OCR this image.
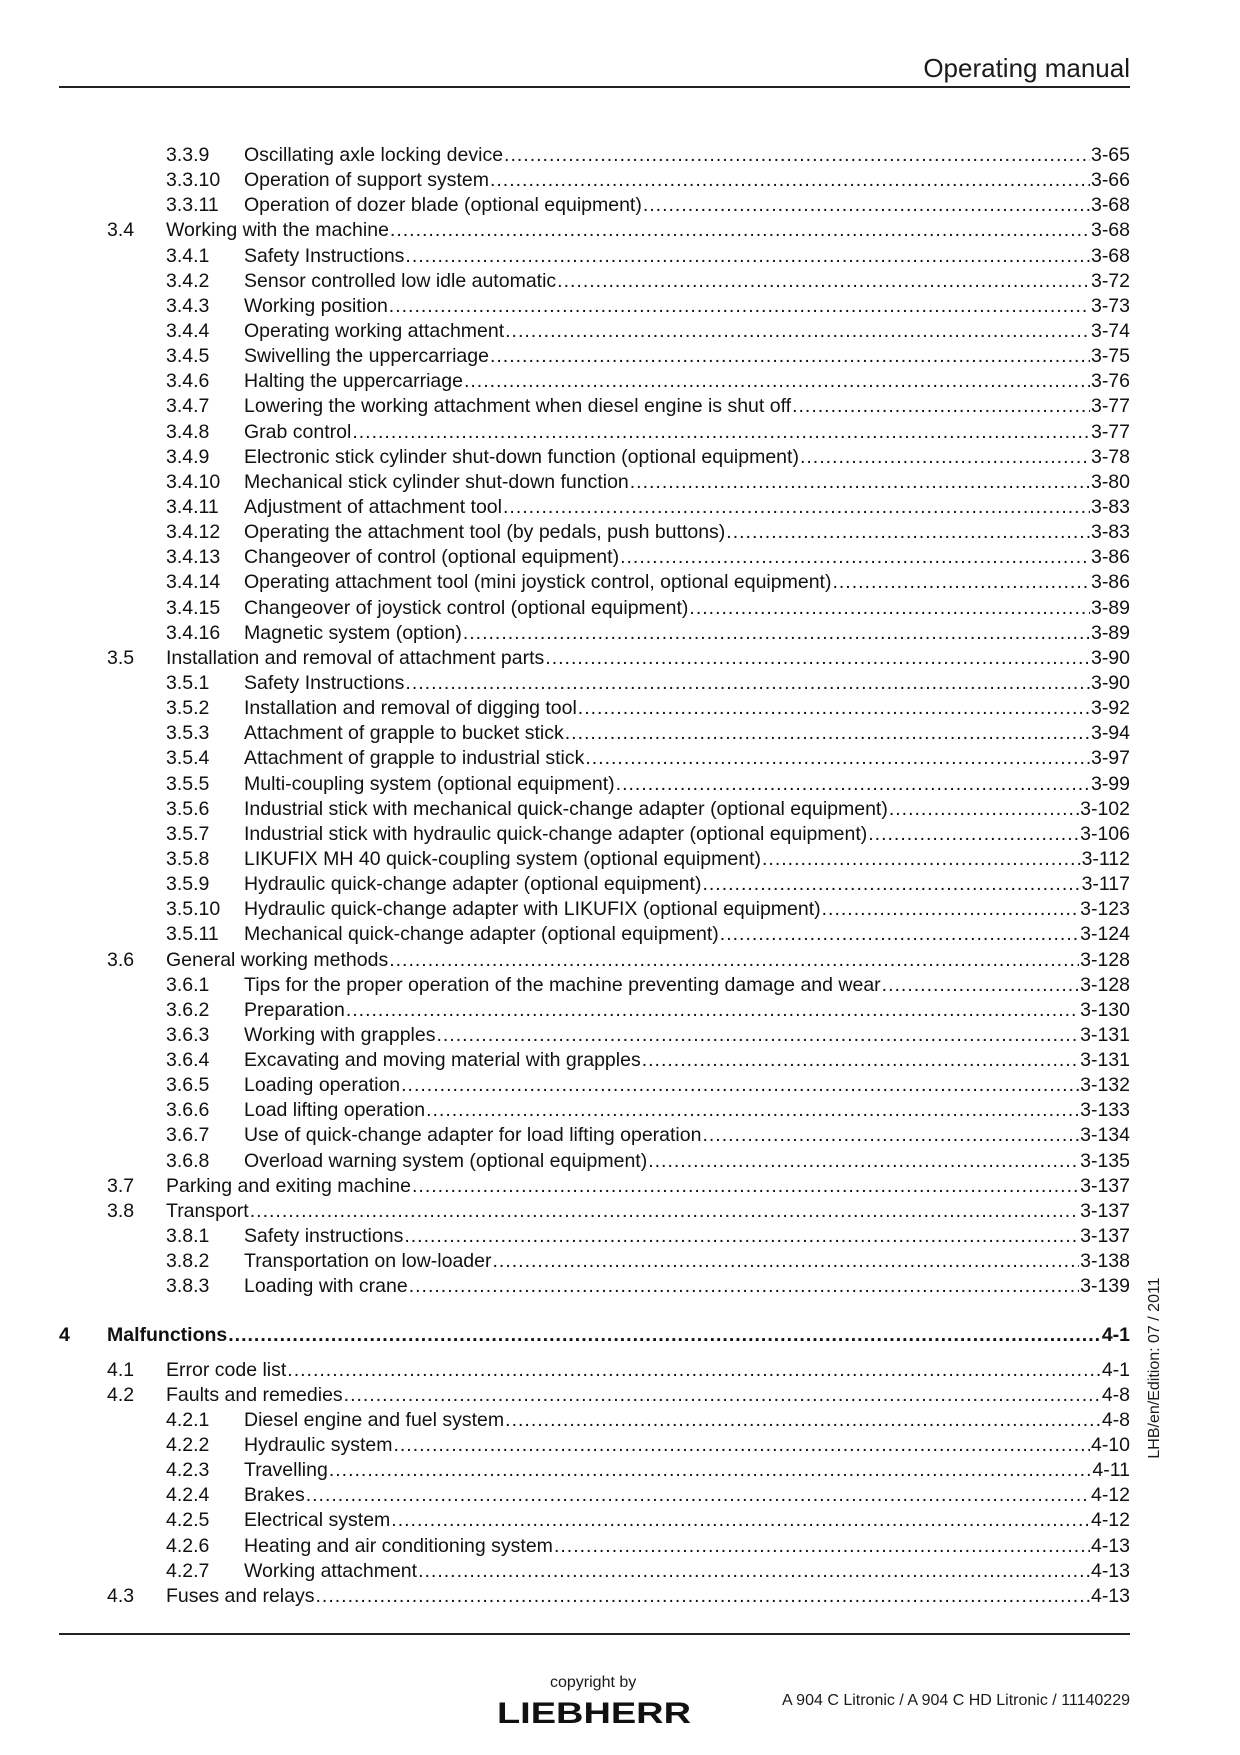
Operating manual
3.3.9 Oscillating axle locking device .....	3-65
3.3.10 Operation of support system .....	3-66
3.3.11 Operation of dozer blade (optional equipment) .....	3-68
3.4 Working with the machine .....	3-68
3.4.1 Safety Instructions .....	3-68
3.4.2 Sensor controlled low idle automatic .....	3-72
3.4.3 Working position .....	3-73
3.4.4 Operating working attachment .....	3-74
3.4.5 Swivelling the uppercarriage .....	3-75
3.4.6 Halting the uppercarriage .....	3-76
3.4.7 Lowering the working attachment when diesel engine is shut off .....	3-77
3.4.8 Grab control .....	3-77
3.4.9 Electronic stick cylinder shut-down function (optional equipment) .....	3-78
3.4.10 Mechanical stick cylinder shut-down function .....	3-80
3.4.11 Adjustment of attachment tool .....	3-83
3.4.12 Operating the attachment tool (by pedals, push buttons) .....	3-83
3.4.13 Changeover of control (optional equipment) .....	3-86
3.4.14 Operating attachment tool (mini joystick control, optional equipment) .....	3-86
3.4.15 Changeover of joystick control (optional equipment) .....	3-89
3.4.16 Magnetic system (option) .....	3-89
3.5 Installation and removal of attachment parts .....	3-90
3.5.1 Safety Instructions .....	3-90
3.5.2 Installation and removal of digging tool .....	3-92
3.5.3 Attachment of grapple to bucket stick .....	3-94
3.5.4 Attachment of grapple to industrial stick .....	3-97
3.5.5 Multi-coupling system (optional equipment) .....	3-99
3.5.6 Industrial stick with mechanical quick-change adapter (optional equipment) .....	3-102
3.5.7 Industrial stick with hydraulic quick-change adapter (optional equipment) .....	3-106
3.5.8 LIKUFIX MH 40 quick-coupling system (optional equipment) .....	3-112
3.5.9 Hydraulic quick-change adapter (optional equipment) .....	3-117
3.5.10 Hydraulic quick-change adapter with LIKUFIX (optional equipment) .....	3-123
3.5.11 Mechanical quick-change adapter (optional equipment) .....	3-124
3.6 General working methods .....	3-128
3.6.1 Tips for the proper operation of the machine preventing damage and wear .....	3-128
3.6.2 Preparation .....	3-130
3.6.3 Working with grapples .....	3-131
3.6.4 Excavating and moving material with grapples .....	3-131
3.6.5 Loading operation .....	3-132
3.6.6 Load lifting operation .....	3-133
3.6.7 Use of quick-change adapter for load lifting operation .....	3-134
3.6.8 Overload warning system (optional equipment) .....	3-135
3.7 Parking and exiting machine .....	3-137
3.8 Transport .....	3-137
3.8.1 Safety instructions .....	3-137
3.8.2 Transportation on low-loader .....	3-138
3.8.3 Loading with crane .....	3-139
4 Malfunctions .....	4-1
4.1 Error code list .....	4-1
4.2 Faults and remedies .....	4-8
4.2.1 Diesel engine and fuel system .....	4-8
4.2.2 Hydraulic system .....	4-10
4.2.3 Travelling .....	4-11
4.2.4 Brakes .....	4-12
4.2.5 Electrical system .....	4-12
4.2.6 Heating and air conditioning system .....	4-13
4.2.7 Working attachment .....	4-13
4.3 Fuses and relays .....	4-13
LHB/en/Edition: 07 / 2011
copyright by
LIEBHERR	A 904 C Litronic / A 904 C HD Litronic / 11140229
